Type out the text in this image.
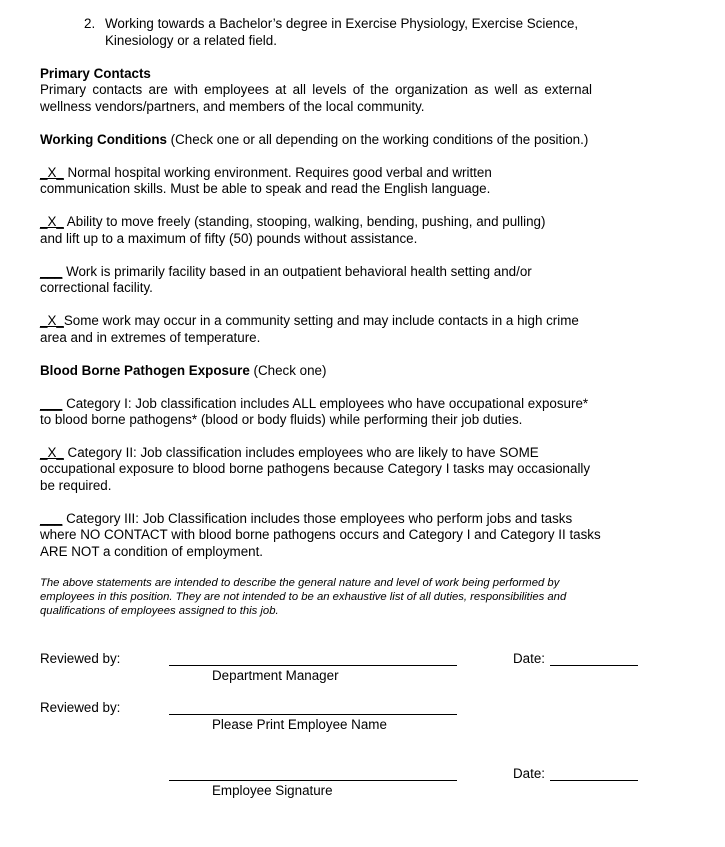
2. Working towards a Bachelor’s degree in Exercise Physiology, Exercise Science,
Kinesiology or a related field.
Primary Contacts
Primary contacts are with employees at all levels of the organization as well as external
wellness vendors/partners, and members of the local community.
Working Conditions (Check one or all depending on the working conditions of the position.)
_X_ Normal hospital working environment. Requires good verbal and written
communication skills. Must be able to speak and read the English language.
_X_ Ability to move freely (standing, stooping, walking, bending, pushing, and pulling)
and lift up to a maximum of fifty (50) pounds without assistance.
___ Work is primarily facility based in an outpatient behavioral health setting and/or
correctional facility.
_X_Some work may occur in a community setting and may include contacts in a high crime
area and in extremes of temperature.
Blood Borne Pathogen Exposure (Check one)
___ Category I: Job classification includes ALL employees who have occupational exposure*
to blood borne pathogens* (blood or body fluids) while performing their job duties.
_X_ Category II: Job classification includes employees who are likely to have SOME
occupational exposure to blood borne pathogens because Category I tasks may occasionally
be required.
___ Category III: Job Classification includes those employees who perform jobs and tasks
where NO CONTACT with blood borne pathogens occurs and Category I and Category II tasks
ARE NOT a condition of employment.
The above statements are intended to describe the general nature and level of work being performed by
employees in this position. They are not intended to be an exhaustive list of all duties, responsibilities and
qualifications of employees assigned to this job.
Reviewed by:
Department Manager
Date:
Reviewed by:
Please Print Employee Name
Employee Signature
Date:
